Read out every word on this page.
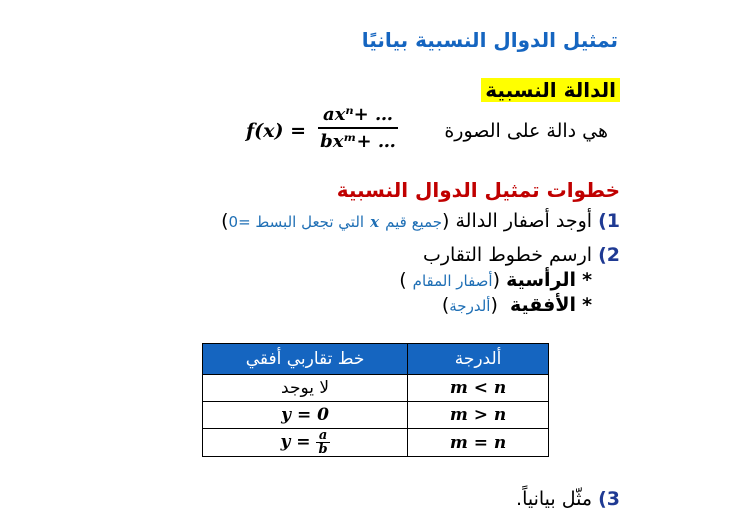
تمثيل الدوال النسبية بيانيًا
الدالة النسبية
هي دالة على الصورة
f(x) =
axⁿ+ …
bxᵐ+ …
خطوات تمثيل الدوال النسبية
1) أوجد أصفار الدالة (جميع قيم x التي تجعل البسط =0)
2) ارسم خطوط التقارب
* الرأسية (أصفار المقام )
* الأفقية  (ألدرجة)
خط تقاربي أفقي	ألدرجة
لا يوجد	m < n
y = 0	m > n
$y = \frac{a}{b}$	m = n
3) مثّل بيانياً.
